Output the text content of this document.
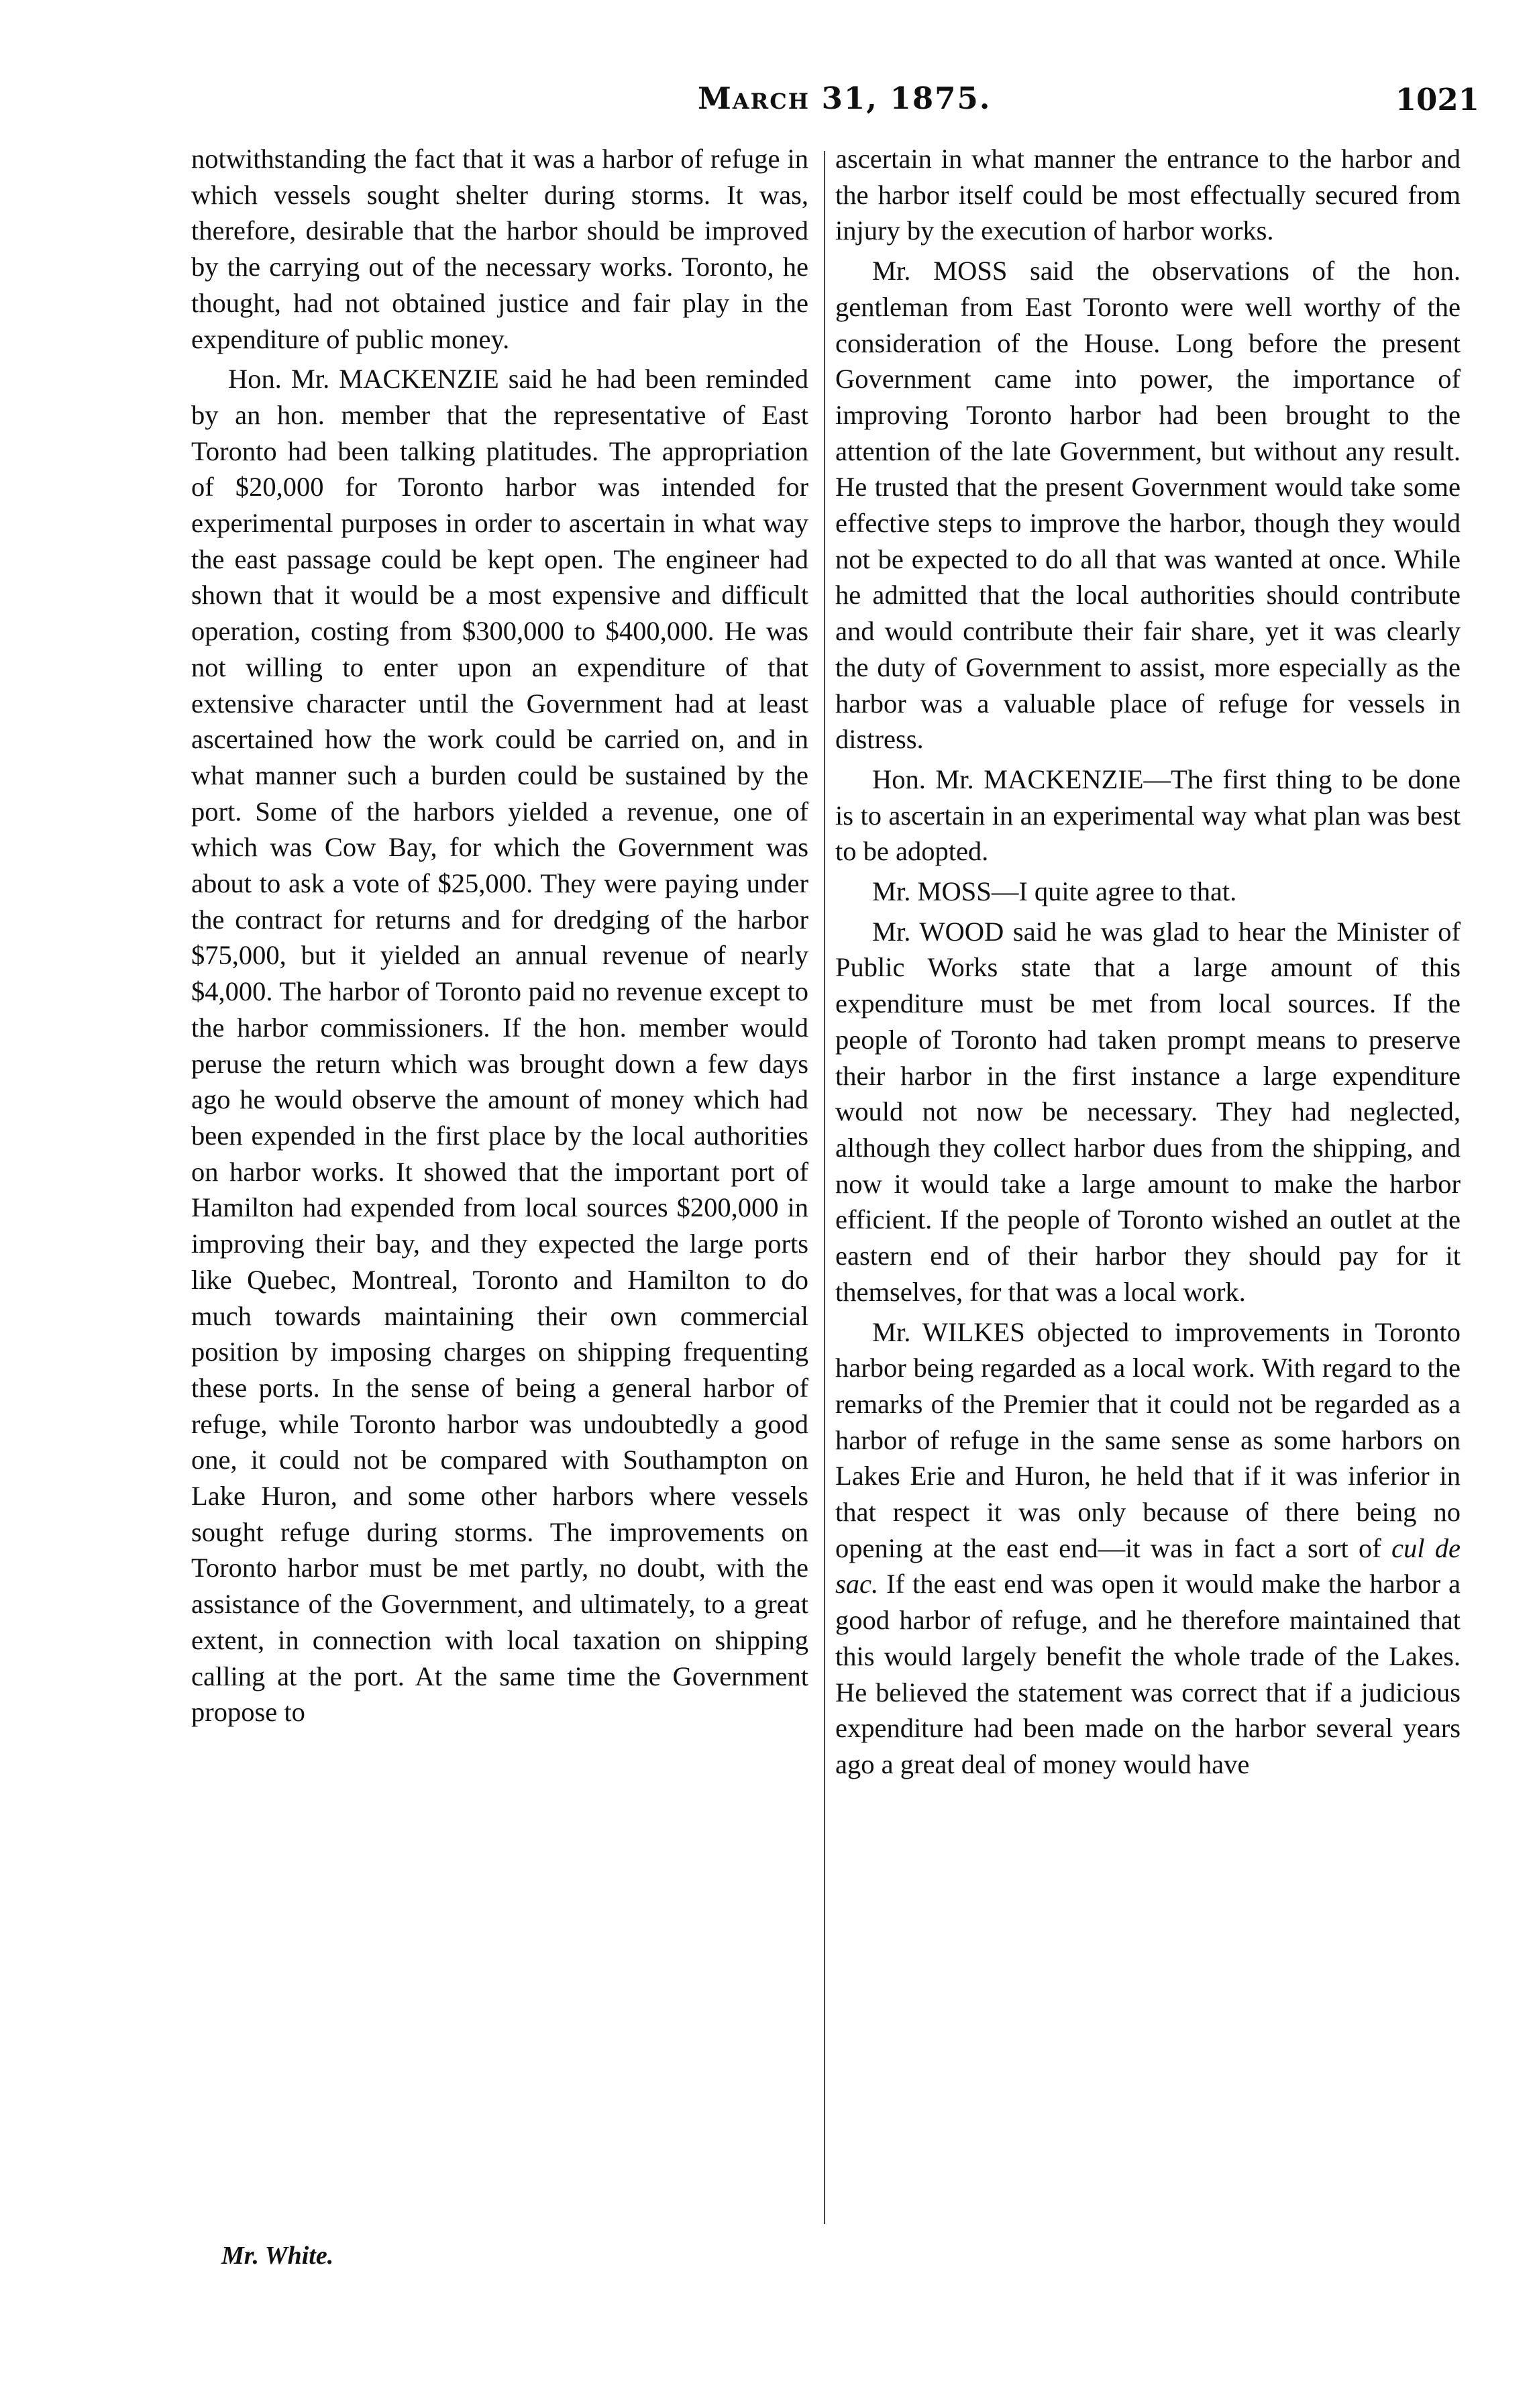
March 31, 1875.	1021

notwithstanding the fact that it was a harbor of refuge in which vessels sought shelter during storms. It was, therefore, desirable that the harbor should be improved by the carrying out of the necessary works. Toronto, he thought, had not obtained justice and fair play in the expenditure of public money.

Hon. Mr. MACKENZIE said he had been reminded by an hon. member that the representative of East Toronto had been talking platitudes. The appropriation of $20,000 for Toronto harbor was intended for experimental purposes in order to ascertain in what way the east passage could be kept open. The engineer had shown that it would be a most expensive and difficult operation, costing from $300,000 to $400,000. He was not willing to enter upon an expenditure of that extensive character until the Government had at least ascertained how the work could be carried on, and in what manner such a burden could be sustained by the port. Some of the harbors yielded a revenue, one of which was Cow Bay, for which the Government was about to ask a vote of $25,000. They were paying under the contract for returns and for dredging of the harbor $75,000, but it yielded an annual revenue of nearly $4,000. The harbor of Toronto paid no revenue except to the harbor commissioners. If the hon. member would peruse the return which was brought down a few days ago he would observe the amount of money which had been expended in the first place by the local authorities on harbor works. It showed that the important port of Hamilton had expended from local sources $200,000 in improving their bay, and they expected the large ports like Quebec, Montreal, Toronto and Hamilton to do much towards maintaining their own commercial position by imposing charges on shipping frequenting these ports. In the sense of being a general harbor of refuge, while Toronto harbor was undoubtedly a good one, it could not be compared with Southampton on Lake Huron, and some other harbors where vessels sought refuge during storms. The improvements on Toronto harbor must be met partly, no doubt, with the assistance of the Government, and ultimately, to a great extent, in connection with local taxation on shipping calling at the port. At the same time the Government propose to

ascertain in what manner the entrance to the harbor and the harbor itself could be most effectually secured from injury by the execution of harbor works.

Mr. MOSS said the observations of the hon. gentleman from East Toronto were well worthy of the consideration of the House. Long before the present Government came into power, the importance of improving Toronto harbor had been brought to the attention of the late Government, but without any result. He trusted that the present Government would take some effective steps to improve the harbor, though they would not be expected to do all that was wanted at once. While he admitted that the local authorities should contribute and would contribute their fair share, yet it was clearly the duty of Government to assist, more especially as the harbor was a valuable place of refuge for vessels in distress.

Hon. Mr. MACKENZIE—The first thing to be done is to ascertain in an experimental way what plan was best to be adopted.

Mr. MOSS—I quite agree to that.

Mr. WOOD said he was glad to hear the Minister of Public Works state that a large amount of this expenditure must be met from local sources. If the people of Toronto had taken prompt means to preserve their harbor in the first instance a large expenditure would not now be necessary. They had neglected, although they collect harbor dues from the shipping, and now it would take a large amount to make the harbor efficient. If the people of Toronto wished an outlet at the eastern end of their harbor they should pay for it themselves, for that was a local work.

Mr. WILKES objected to improvements in Toronto harbor being regarded as a local work. With regard to the remarks of the Premier that it could not be regarded as a harbor of refuge in the same sense as some harbors on Lakes Erie and Huron, he held that if it was inferior in that respect it was only because of there being no opening at the east end—it was in fact a sort of cul de sac. If the east end was open it would make the harbor a good harbor of refuge, and he therefore maintained that this would largely benefit the whole trade of the Lakes. He believed the statement was correct that if a judicious expenditure had been made on the harbor several years ago a great deal of money would have

Mr. White.
